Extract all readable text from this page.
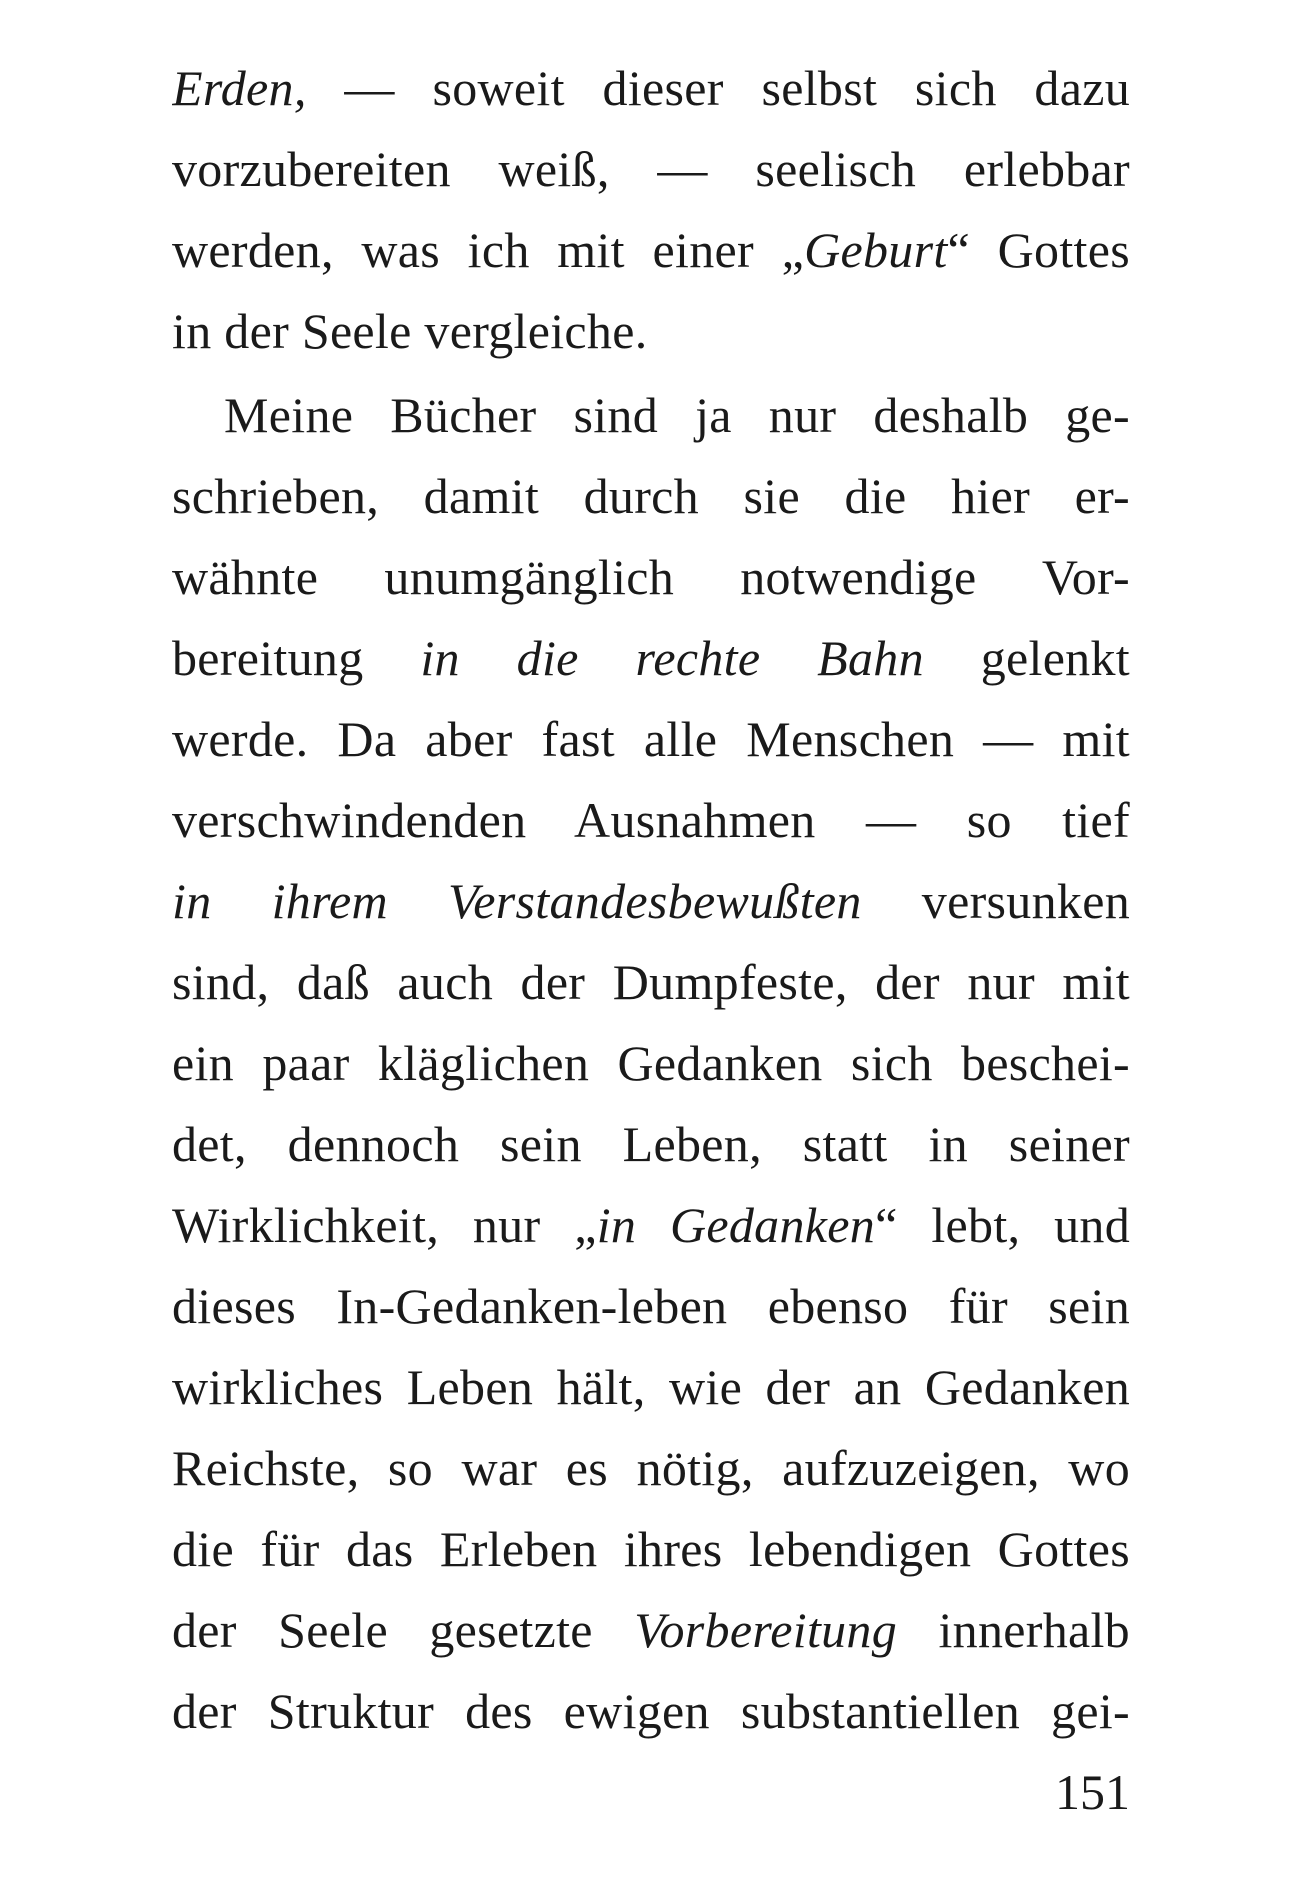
Erden, — soweit dieser selbst sich dazu
vorzubereiten weiß, — seelisch erlebbar
werden, was ich mit einer „Geburt“ Gottes
in der Seele vergleiche.
Meine Bücher sind ja nur deshalb ge-
schrieben, damit durch sie die hier er-
wähnte unumgänglich notwendige Vor-
bereitung in die rechte Bahn gelenkt
werde. Da aber fast alle Menschen — mit
verschwindenden Ausnahmen — so tief
in ihrem Verstandesbewußten versunken
sind, daß auch der Dumpfeste, der nur mit
ein paar kläglichen Gedanken sich beschei-
det, dennoch sein Leben, statt in seiner
Wirklichkeit, nur „in Gedanken“ lebt, und
dieses In-Gedanken-leben ebenso für sein
wirkliches Leben hält, wie der an Gedanken
Reichste, so war es nötig, aufzuzeigen, wo
die für das Erleben ihres lebendigen Gottes
der Seele gesetzte Vorbereitung innerhalb
der Struktur des ewigen substantiellen gei-
151
